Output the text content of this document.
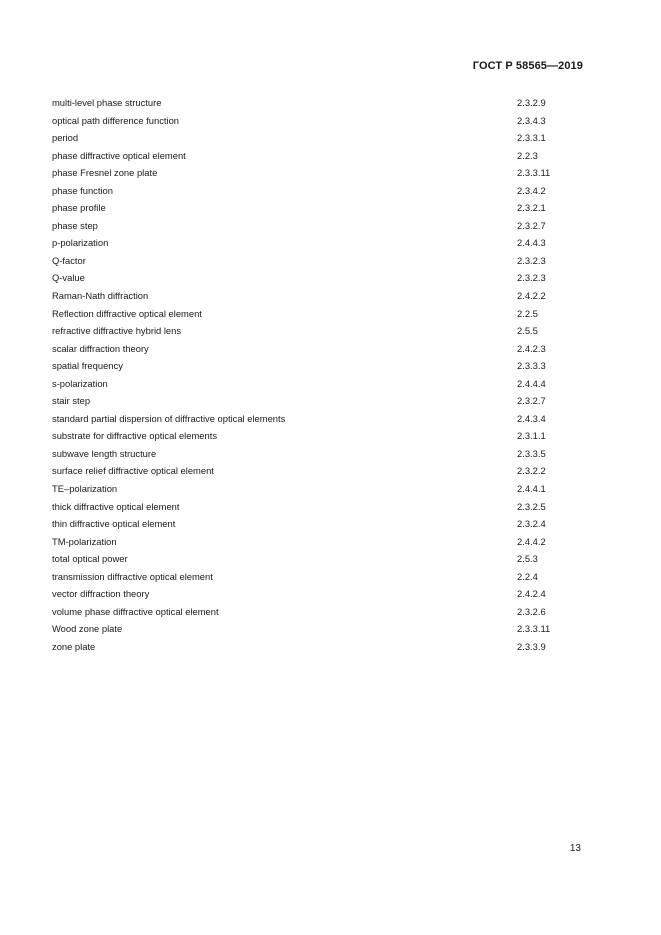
ГОСТ Р 58565—2019
multi-level phase structure	2.3.2.9
optical path difference function	2.3.4.3
period	2.3.3.1
phase diffractive optical element	2.2.3
phase Fresnel zone plate	2.3.3.11
phase function	2.3.4.2
phase profile	2.3.2.1
phase step	2.3.2.7
p-polarization	2.4.4.3
Q-factor	2.3.2.3
Q-value	2.3.2.3
Raman-Nath diffraction	2.4.2.2
Reflection diffractive optical element	2.2.5
refractive diffractive hybrid lens	2.5.5
scalar diffraction theory	2.4.2.3
spatial frequency	2.3.3.3
s-polarization	2.4.4.4
stair step	2.3.2.7
standard partial dispersion of diffractive optical elements	2.4.3.4
substrate for diffractive optical elements	2.3.1.1
subwave length structure	2.3.3.5
surface relief diffractive optical element	2.3.2.2
TE–polarization	2.4.4.1
thick diffractive optical element	2.3.2.5
thin diffractive optical element	2.3.2.4
TM-polarization	2.4.4.2
total optical power	2.5.3
transmission diffractive optical element	2.2.4
vector diffraction theory	2.4.2.4
volume phase diffractive optical element	2.3.2.6
Wood zone plate	2.3.3.11
zone plate	2.3.3.9
13
